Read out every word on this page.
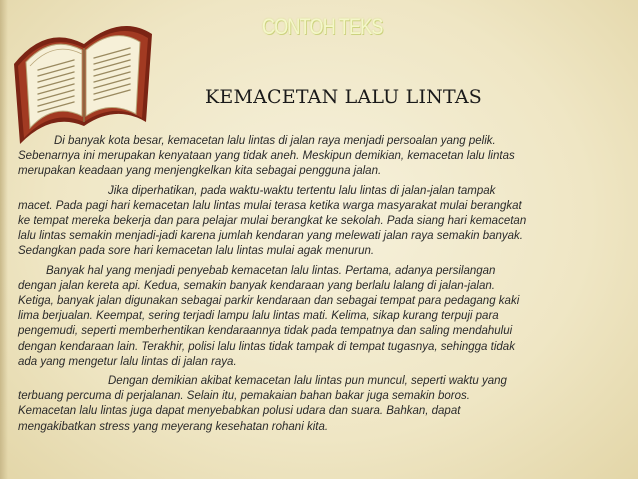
CONTOH TEKS
KEMACETAN LALU LINTAS

Di banyak kota besar, kemacetan lalu lintas di jalan raya menjadi persoalan yang pelik.
Sebenarnya ini merupakan kenyataan yang tidak aneh. Meskipun demikian, kemacetan lalu lintas
merupakan keadaan yang menjengkelkan kita sebagai pengguna jalan.

Jika diperhatikan, pada waktu-waktu tertentu lalu lintas di jalan-jalan tampak
macet. Pada pagi hari kemacetan lalu lintas mulai terasa ketika warga masyarakat mulai berangkat
ke tempat mereka bekerja dan para pelajar mulai berangkat ke sekolah. Pada siang hari kemacetan
lalu lintas semakin menjadi-jadi karena jumlah kendaran yang melewati jalan raya semakin banyak.
Sedangkan pada sore hari kemacetan lalu lintas mulai agak menurun.

Banyak hal yang menjadi penyebab kemacetan lalu lintas. Pertama, adanya persilangan
dengan jalan kereta api. Kedua, semakin banyak kendaraan yang berlalu lalang di jalan-jalan.
Ketiga, banyak jalan digunakan sebagai parkir kendaraan dan sebagai tempat para pedagang kaki
lima berjualan. Keempat, sering terjadi lampu lalu lintas mati. Kelima, sikap kurang terpuji para
pengemudi, seperti memberhentikan kendaraannya tidak pada tempatnya dan saling mendahului
dengan kendaraan lain. Terakhir, polisi lalu lintas tidak tampak di tempat tugasnya, sehingga tidak
ada yang mengetur lalu lintas di jalan raya.

Dengan demikian akibat kemacetan lalu lintas pun muncul, seperti waktu yang
terbuang percuma di perjalanan. Selain itu, pemakaian bahan bakar juga semakin boros.
Kemacetan lalu lintas juga dapat menyebabkan polusi udara dan suara. Bahkan, dapat
mengakibatkan stress yang meyerang kesehatan rohani kita.
